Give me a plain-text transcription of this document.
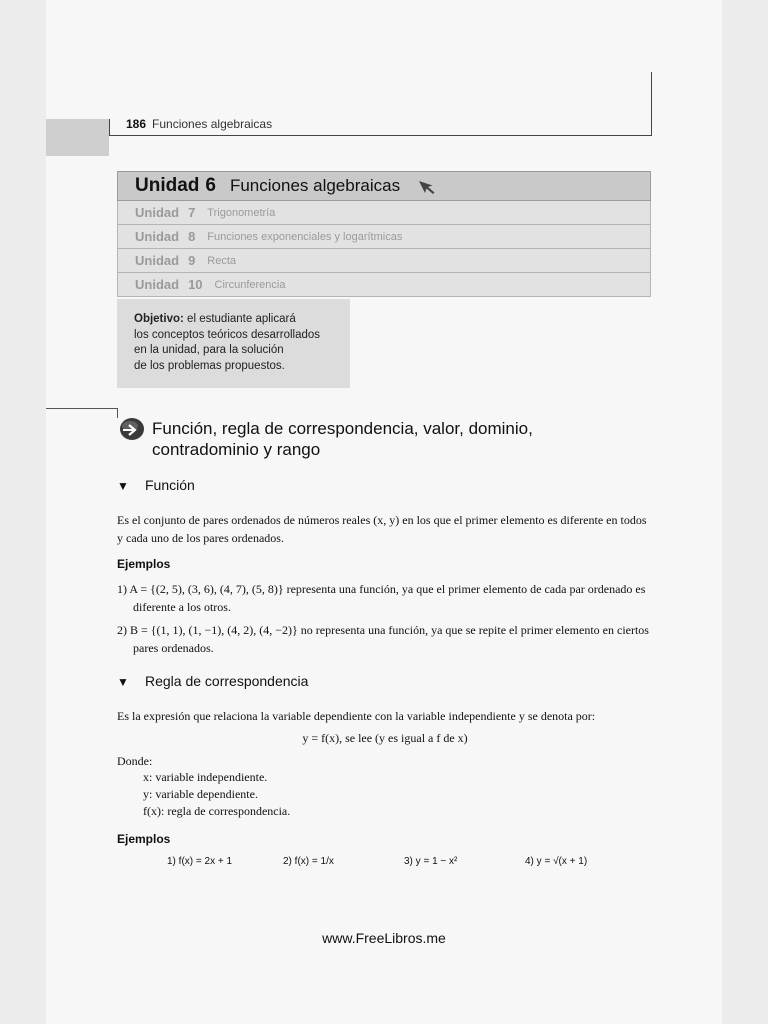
186 Funciones algebraicas
Unidad 6 Funciones algebraicas
Unidad 7 Trigonometría
Unidad 8 Funciones exponenciales y logarítmicas
Unidad 9 Recta
Unidad 10 Circunferencia
Objetivo: el estudiante aplicará
los conceptos teóricos desarrollados
en la unidad, para la solución
de los problemas propuestos.
Función, regla de correspondencia, valor, dominio,
contradominio y rango
▼ Función
Es el conjunto de pares ordenados de números reales (x, y) en los que el primer elemento es diferente en todos y cada uno de los pares ordenados.
Ejemplos
1) A = {(2, 5), (3, 6), (4, 7), (5, 8)} representa una función, ya que el primer elemento de cada par ordenado es diferente a los otros.
2) B = {(1, 1), (1, −1), (4, 2), (4, −2)} no representa una función, ya que se repite el primer elemento en ciertos pares ordenados.
▼ Regla de correspondencia
Es la expresión que relaciona la variable dependiente con la variable independiente y se denota por:
y = f(x), se lee (y es igual a f de x)
Donde:
x: variable independiente.
y: variable dependiente.
f(x): regla de correspondencia.
Ejemplos
1) f(x) = 2x + 1	2) f(x) = 1/x	3) y = 1 − x²	4) y = √(x + 1)
www.FreeLibros.me
